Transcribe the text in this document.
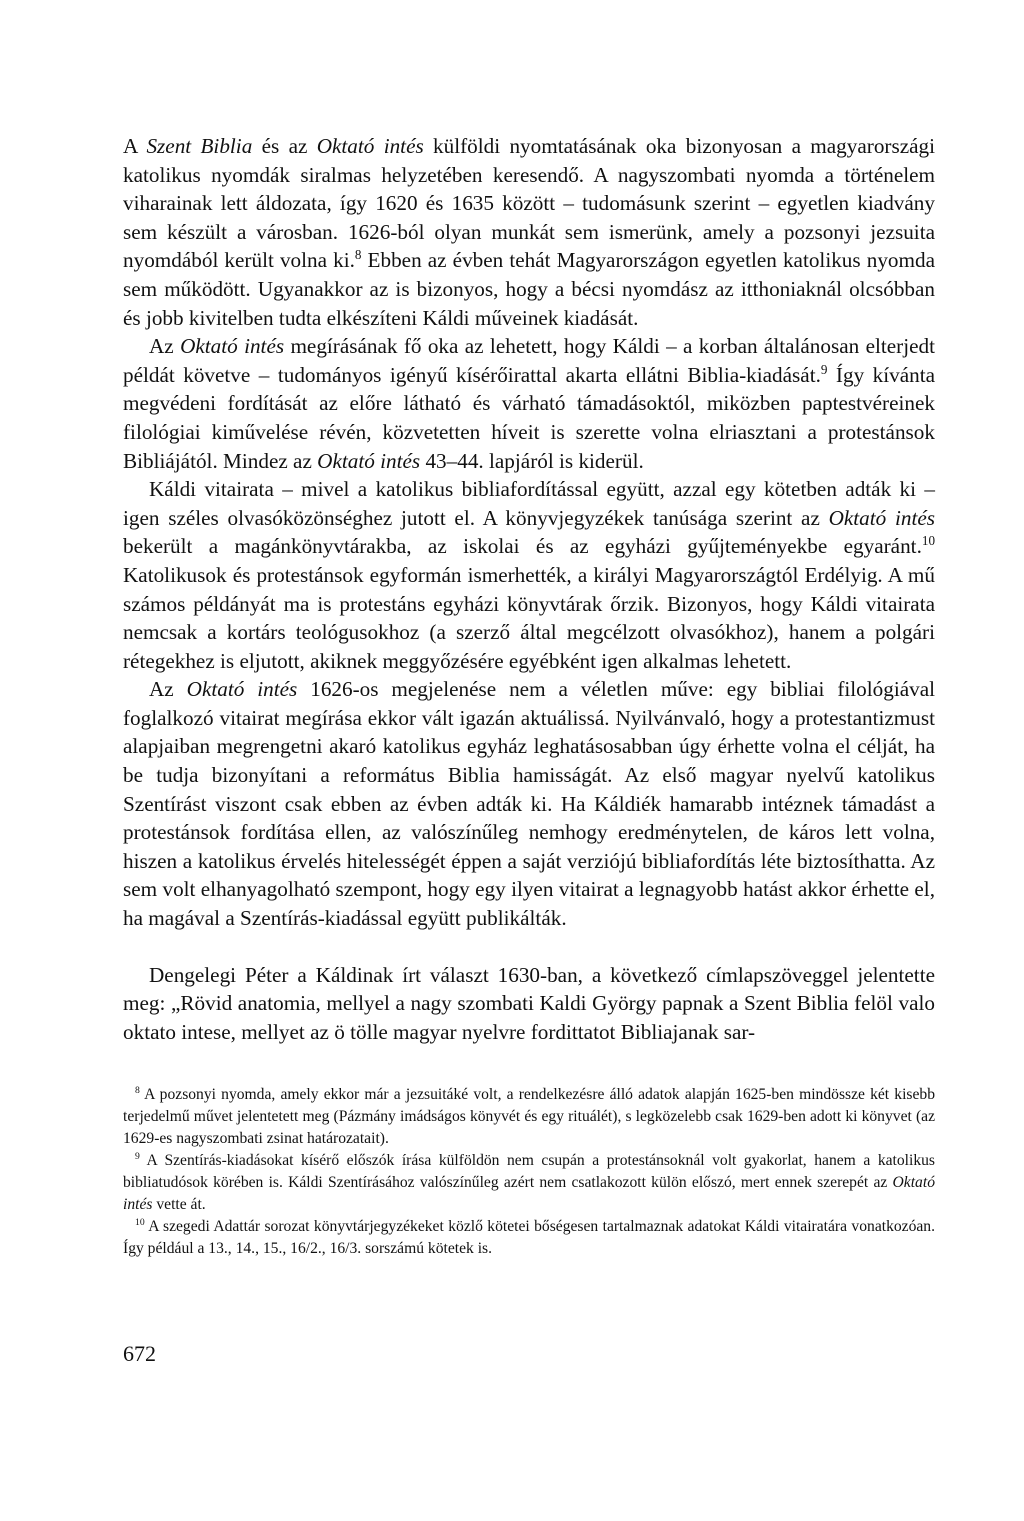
A Szent Biblia és az Oktató intés külföldi nyomtatásának oka bizonyosan a magyarországi katolikus nyomdák siralmas helyzetében keresendő. A nagyszombati nyomda a történelem viharainak lett áldozata, így 1620 és 1635 között – tudomásunk szerint – egyetlen kiadvány sem készült a városban. 1626-ból olyan munkát sem ismerünk, amely a pozsonyi jezsuita nyomdából került volna ki.$^8$ Ebben az évben tehát Magyarországon egyetlen katolikus nyomda sem működött. Ugyanakkor az is bizonyos, hogy a bécsi nyomdász az itthoniaknál olcsóbban és jobb kivitelben tudta elkészíteni Káldi műveinek kiadását.

Az Oktató intés megírásának fő oka az lehetett, hogy Káldi – a korban általánosan elterjedt példát követve – tudományos igényű kísérőirattal akarta ellátni Biblia-kiadását.$^9$ Így kívánta megvédeni fordítását az előre látható és várható támadásoktól, miközben paptestvéreinek filológiai kiművelése révén, közvetetten híveit is szerette volna elriasztani a protestánsok Bibliájától. Mindez az Oktató intés 43–44. lapjáról is kiderül.

Káldi vitairata – mivel a katolikus bibliafordítással együtt, azzal egy kötetben adták ki – igen széles olvasóközönséghez jutott el. A könyvjegyzékek tanúsága szerint az Oktató intés bekerült a magánkönyvtárakba, az iskolai és az egyházi gyűjteményekbe egyaránt.$^{10}$ Katolikusok és protestánsok egyformán ismerhették, a királyi Magyarországtól Erdélyig. A mű számos példányát ma is protestáns egyházi könyvtárak őrzik. Bizonyos, hogy Káldi vitairata nemcsak a kortárs teológusokhoz (a szerző által megcélzott olvasókhoz), hanem a polgári rétegekhez is eljutott, akiknek meggyőzésére egyébként igen alkalmas lehetett.

Az Oktató intés 1626-os megjelenése nem a véletlen műve: egy bibliai filológiával foglalkozó vitairat megírása ekkor vált igazán aktuálissá. Nyilvánvaló, hogy a protestantizmust alapjaiban megrengetni akaró katolikus egyház leghatásosabban úgy érhette volna el célját, ha be tudja bizonyítani a református Biblia hamisságát. Az első magyar nyelvű katolikus Szentírást viszont csak ebben az évben adták ki. Ha Káldiék hamarabb intéznek támadást a protestánsok fordítása ellen, az valószínűleg nemhogy eredménytelen, de káros lett volna, hiszen a katolikus érvelés hitelességét éppen a saját verziójú bibliafordítás léte biztosíthatta. Az sem volt elhanyagolható szempont, hogy egy ilyen vitairat a legnagyobb hatást akkor érhette el, ha magával a Szentírás-kiadással együtt publikálták.

Dengelegi Péter a Káldinak írt választ 1630-ban, a következő címlapszöveggel jelentette meg: „Rövid anatomia, mellyel a nagy szombati Kaldi György papnak a Szent Biblia felöl valo oktato intese, mellyet az ö tölle magyar nyelvre fordittatot Bibliajanak sar-

$^8$ A pozsonyi nyomda, amely ekkor már a jezsuitáké volt, a rendelkezésre álló adatok alapján 1625-ben mindössze két kisebb terjedelmű művet jelentetett meg (Pázmány imádságos könyvét és egy rituálét), s legközelebb csak 1629-ben adott ki könyvet (az 1629-es nagyszombati zsinat határozatait).

$^9$ A Szentírás-kiadásokat kísérő előszók írása külföldön nem csupán a protestánsoknál volt gyakorlat, hanem a katolikus bibliatudósok körében is. Káldi Szentírásához valószínűleg azért nem csatlakozott külön előszó, mert ennek szerepét az Oktató intés vette át.

$^{10}$ A szegedi Adattár sorozat könyvtárjegyzékeket közlő kötetei bőségesen tartalmaznak adatokat Káldi vitairatára vonatkozóan. Így például a 13., 14., 15., 16/2., 16/3. sorszámú kötetek is.

672
